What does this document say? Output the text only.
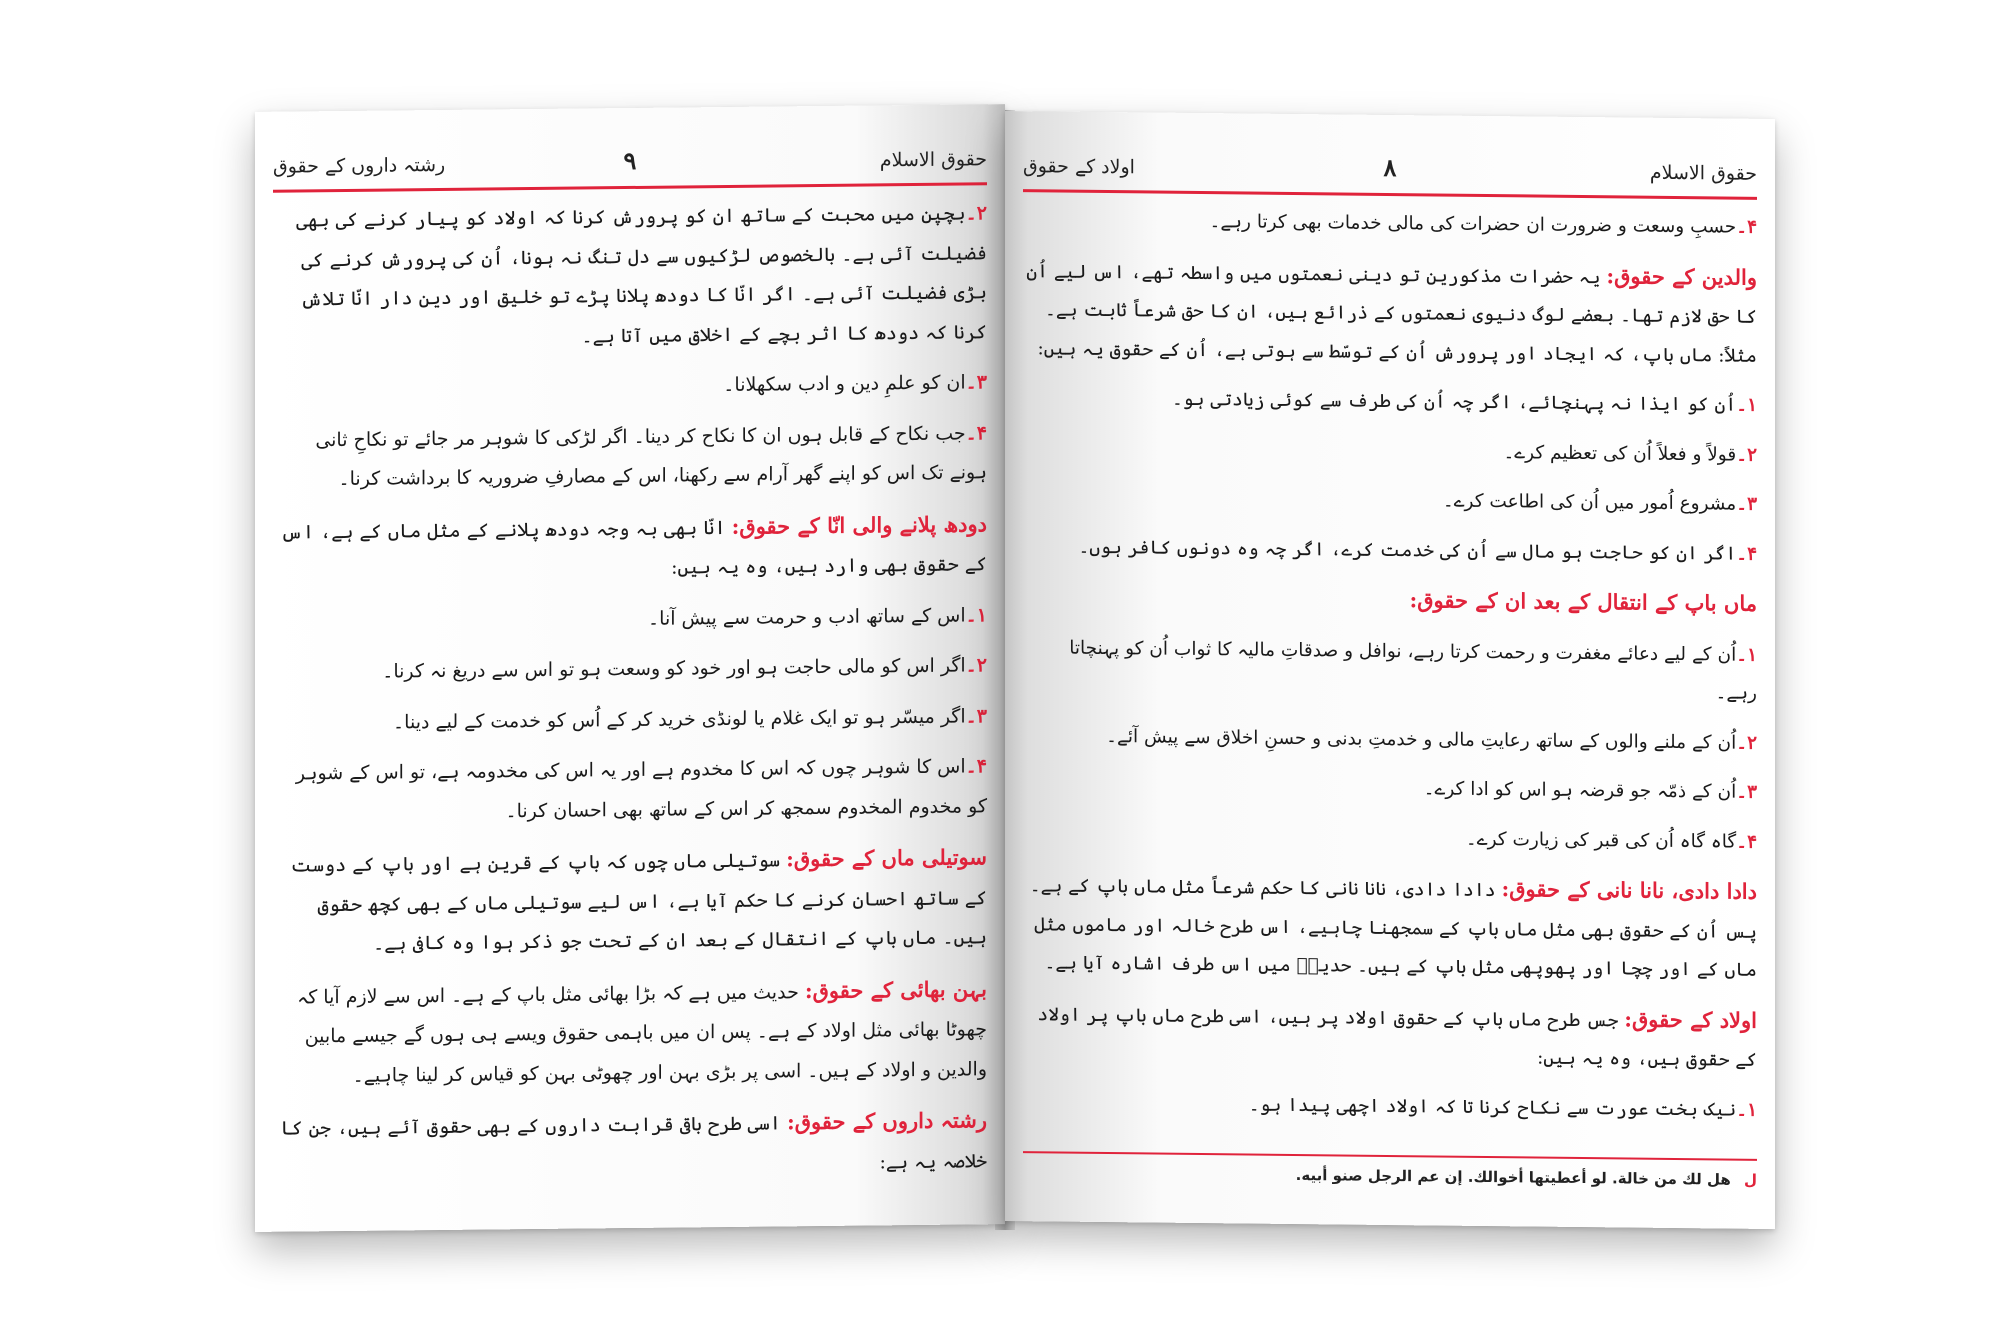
حقوق الاسلام
۹
رشتہ داروں کے حقوق

۲۔بچپن میں محبت کے ساتھ ان کو پرورش کرنا کہ اولاد کو پیار کرنے کی بھی فضیلت آئی ہے۔ بالخصوص لڑکیوں سے دل تنگ نہ ہونا، اُن کی پرورش کرنے کی بڑی فضیلت آئی ہے۔ اگر انّا کا دودھ پلانا پڑے تو خلیق اور دین دار انّا تلاش کرنا کہ دودھ کا اثر بچے کے اخلاق میں آتا ہے۔

۳۔ان کو علمِ دین و ادب سکھلانا۔

۴۔جب نکاح کے قابل ہوں ان کا نکاح کر دینا۔ اگر لڑکی کا شوہر مر جائے تو نکاحِ ثانی ہونے تک اس کو اپنے گھر آرام سے رکھنا، اس کے مصارفِ ضروریہ کا برداشت کرنا۔

دودھ پلانے والی انّا کے حقوق: انّا بھی بہ وجہ دودھ پلانے کے مثل ماں کے ہے، اس کے حقوق بھی وارد ہیں، وہ یہ ہیں:

۱۔اس کے ساتھ ادب و حرمت سے پیش آنا۔

۲۔اگر اس کو مالی حاجت ہو اور خود کو وسعت ہو تو اس سے دریغ نہ کرنا۔

۳۔اگر میسّر ہو تو ایک غلام یا لونڈی خرید کر کے اُس کو خدمت کے لیے دینا۔

۴۔اس کا شوہر چوں کہ اس کا مخدوم ہے اور یہ اس کی مخدومہ ہے، تو اس کے شوہر کو مخدوم المخدوم سمجھ کر اس کے ساتھ بھی احسان کرنا۔

سوتیلی ماں کے حقوق: سوتیلی ماں چوں کہ باپ کے قرین ہے اور باپ کے دوست کے ساتھ احسان کرنے کا حکم آیا ہے، اس لیے سوتیلی ماں کے بھی کچھ حقوق ہیں۔ ماں باپ کے انتقال کے بعد ان کے تحت جو ذکر ہوا وہ کافی ہے۔

بہن بھائی کے حقوق: حدیث میں ہے کہ بڑا بھائی مثل باپ کے ہے۔ اس سے لازم آیا کہ چھوٹا بھائی مثل اولاد کے ہے۔ پس ان میں باہمی حقوق ویسے ہی ہوں گے جیسے مابین والدین و اولاد کے ہیں۔ اسی پر بڑی بہن اور چھوٹی بہن کو قیاس کر لینا چاہیے۔

رشتہ داروں کے حقوق: اسی طرح باقی قرابت داروں کے بھی حقوق آئے ہیں، جن کا خلاصہ یہ ہے:

حقوق الاسلام
۸
اولاد کے حقوق

۴۔حسبِ وسعت و ضرورت ان حضرات کی مالی خدمات بھی کرتا رہے۔

والدین کے حقوق: یہ حضرات مذکورین تو دینی نعمتوں میں واسطہ تھے، اس لیے اُن کا حق لازم تھا۔ بعضے لوگ دنیوی نعمتوں کے ذرائع ہیں، ان کا حق شرعاً ثابت ہے۔ مثلاً: ماں باپ، کہ ایجاد اور پرورش اُن کے توسّط سے ہوتی ہے، اُن کے حقوق یہ ہیں:

۱۔اُن کو ایذا نہ پہنچائے، اگر چہ اُن کی طرف سے کوئی زیادتی ہو۔

۲۔قولاً و فعلاً اُن کی تعظیم کرے۔

۳۔مشروع اُمور میں اُن کی اطاعت کرے۔

۴۔اگر ان کو حاجت ہو مال سے اُن کی خدمت کرے، اگر چہ وہ دونوں کافر ہوں۔

ماں باپ کے انتقال کے بعد ان کے حقوق:

۱۔اُن کے لیے دعائے مغفرت و رحمت کرتا رہے، نوافل و صدقاتِ مالیہ کا ثواب اُن کو پہنچاتا رہے۔

۲۔اُن کے ملنے والوں کے ساتھ رعایتِ مالی و خدمتِ بدنی و حسنِ اخلاق سے پیش آئے۔

۳۔اُن کے ذمّہ جو قرضہ ہو اس کو ادا کرے۔

۴۔گاہ گاہ اُن کی قبر کی زیارت کرے۔

دادا دادی، نانا نانی کے حقوق: دادا دادی، نانا نانی کا حکم شرعاً مثل ماں باپ کے ہے۔ پس اُن کے حقوق بھی مثل ماں باپ کے سمجھنا چاہیے، اس طرح خالہ اور ماموں مثل ماں کے اور چچا اور پھوپھی مثل باپ کے ہیں۔ حدیثؔ میں اس طرف اشارہ آیا ہے۔

اولاد کے حقوق: جس طرح ماں باپ کے حقوق اولاد پر ہیں، اسی طرح ماں باپ پر اولاد کے حقوق ہیں، وہ یہ ہیں:

۱۔نیک بخت عورت سے نکاح کرنا تا کہ اولاد اچھی پیدا ہو۔

ل هل لك من خالة. لو أعطيتها أخوالك. إن عم الرجل صنو أبيه.
